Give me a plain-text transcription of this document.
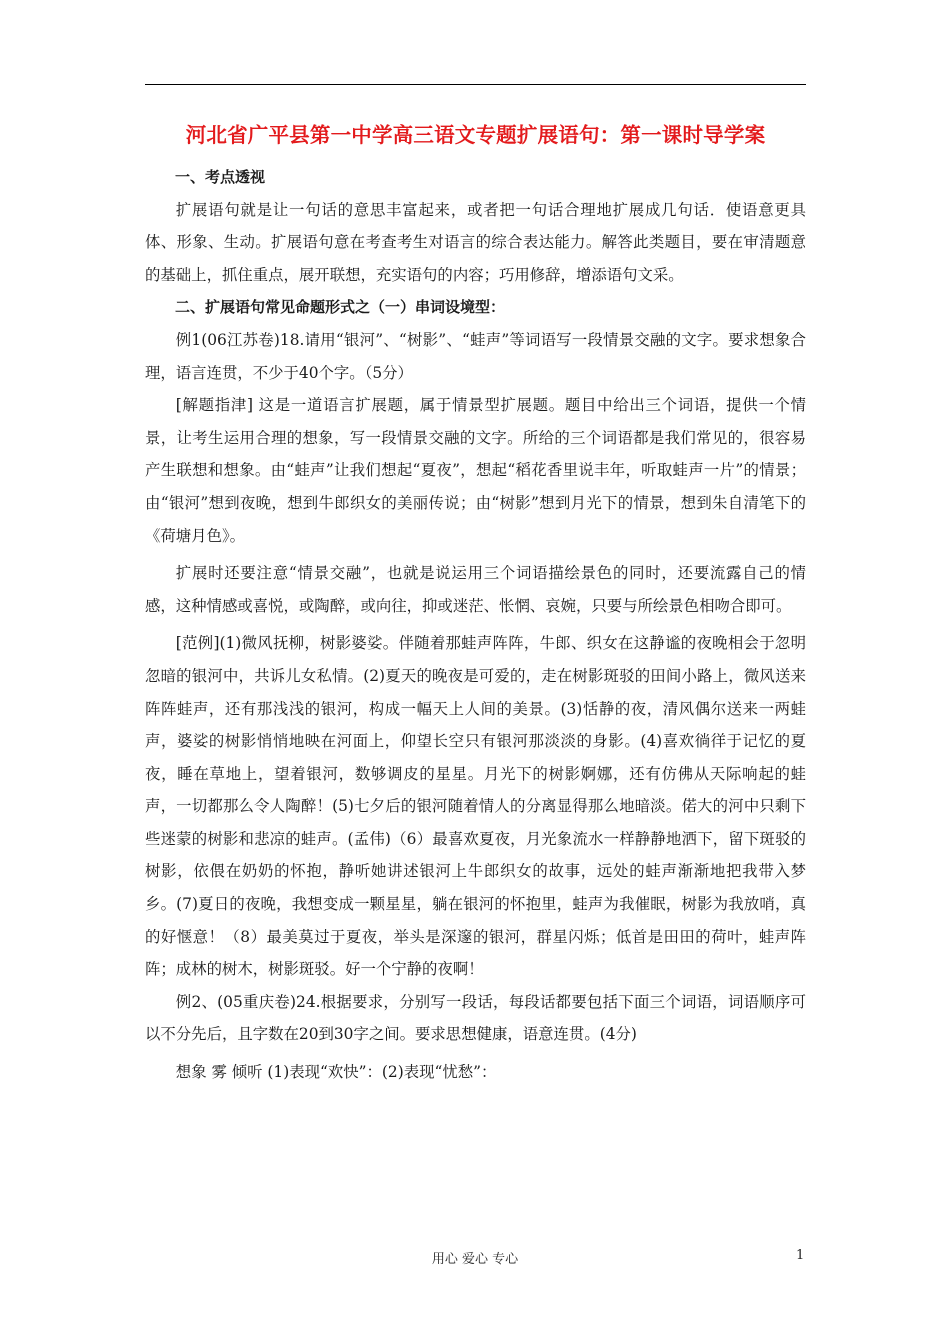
河北省广平县第一中学高三语文专题扩展语句：第一课时导学案

一、考点透视

扩展语句就是让一句话的意思丰富起来，或者把一句话合理地扩展成几句话．使语意更具体、形象、生动。扩展语句意在考查考生对语言的综合表达能力。解答此类题目，要在审清题意的基础上，抓住重点，展开联想，充实语句的内容；巧用修辞，增添语句文采。

二、扩展语句常见命题形式之（一）串词设境型：

例1(06江苏卷)18.请用“银河”、“树影”、“蛙声”等词语写一段情景交融的文字。要求想象合理，语言连贯，不少于40个字。（5分）

[解题指津] 这是一道语言扩展题，属于情景型扩展题。题目中给出三个词语，提供一个情景，让考生运用合理的想象，写一段情景交融的文字。所给的三个词语都是我们常见的，很容易产生联想和想象。由“蛙声”让我们想起“夏夜”，想起“稻花香里说丰年，听取蛙声一片”的情景；由“银河”想到夜晚，想到牛郎织女的美丽传说；由“树影”想到月光下的情景，想到朱自清笔下的《荷塘月色》。

扩展时还要注意“情景交融”，也就是说运用三个词语描绘景色的同时，还要流露自己的情感，这种情感或喜悦，或陶醉，或向往，抑或迷茫、怅惘、哀婉，只要与所绘景色相吻合即可。

[范例](1)微风抚柳，树影婆娑。伴随着那蛙声阵阵，牛郎、织女在这静谧的夜晚相会于忽明忽暗的银河中，共诉儿女私情。(2)夏天的晚夜是可爱的，走在树影斑驳的田间小路上，微风送来阵阵蛙声，还有那浅浅的银河，构成一幅天上人间的美景。(3)恬静的夜，清风偶尔送来一两蛙声，婆娑的树影悄悄地映在河面上，仰望长空只有银河那淡淡的身影。(4)喜欢徜徉于记忆的夏夜，睡在草地上，望着银河，数够调皮的星星。月光下的树影婀娜，还有仿佛从天际响起的蛙声，一切都那么令人陶醉！(5)七夕后的银河随着情人的分离显得那么地暗淡。偌大的河中只剩下些迷蒙的树影和悲凉的蛙声。(孟伟)（6）最喜欢夏夜，月光象流水一样静静地洒下，留下斑驳的树影，依偎在奶奶的怀抱，静听她讲述银河上牛郎织女的故事，远处的蛙声渐渐地把我带入梦乡。(7)夏日的夜晚，我想变成一颗星星，躺在银河的怀抱里，蛙声为我催眠，树影为我放哨，真的好惬意！（8）最美莫过于夏夜，举头是深邃的银河，群星闪烁；低首是田田的荷叶，蛙声阵阵；成林的树木，树影斑驳。好一个宁静的夜啊！

例2、(05重庆卷)24.根据要求，分别写一段话，每段话都要包括下面三个词语，词语顺序可以不分先后，且字数在20到30字之间。要求思想健康，语意连贯。(4分)

想象 雾 倾听 (1)表现“欢快”：(2)表现“忧愁”：

用心 爱心 专心	1
